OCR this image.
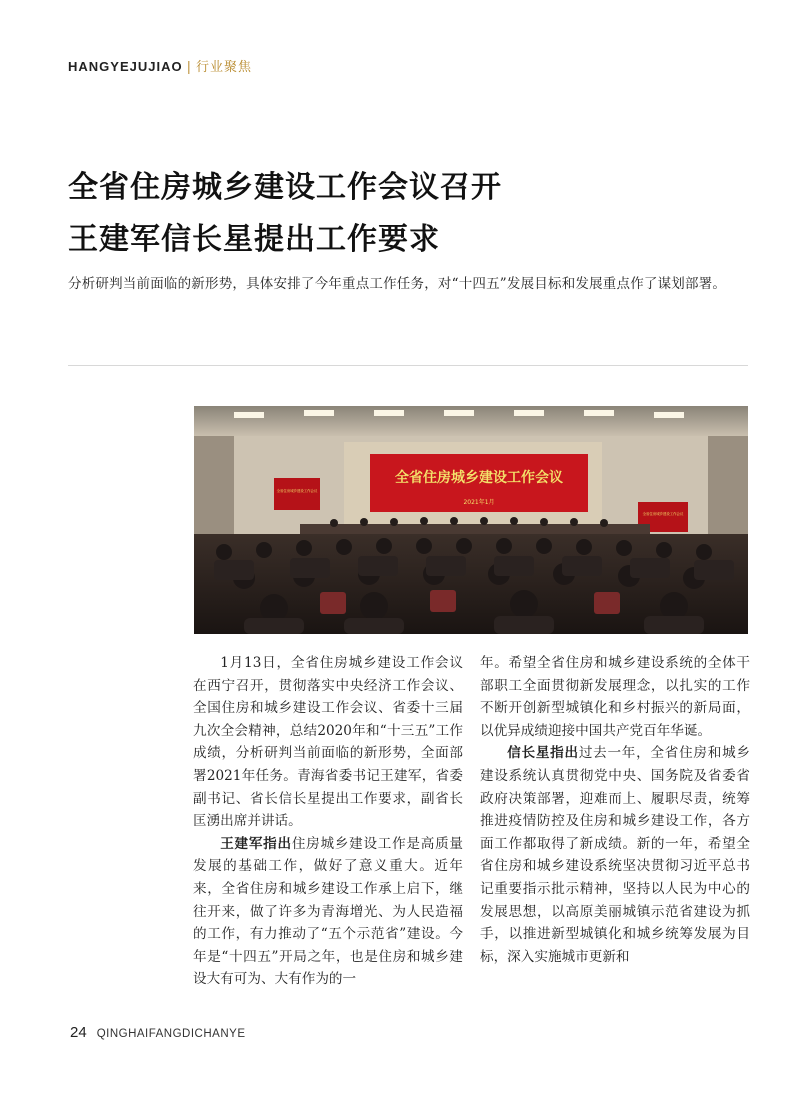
HANGYEJUJIAO | 行业聚焦
全省住房城乡建设工作会议召开
王建军信长星提出工作要求
分析研判当前面临的新形势，具体安排了今年重点工作任务，对“十四五”发展目标和发展重点作了谋划部署。
全省住房城乡建设工作会议
2021年1月
全省住房城乡建设工作会议
全省住房城乡建设工作会议

1月13日，全省住房城乡建设工作会议在西宁召开，贯彻落实中央经济工作会议、全国住房和城乡建设工作会议、省委十三届九次全会精神，总结2020年和“十三五”工作成绩，分析研判当前面临的新形势，全面部署2021年任务。青海省委书记王建军，省委副书记、省长信长星提出工作要求，副省长匡湧出席并讲话。

王建军指出住房城乡建设工作是高质量发展的基础工作，做好了意义重大。近年来，全省住房和城乡建设工作承上启下，继往开来，做了许多为青海增光、为人民造福的工作，有力推动了“五个示范省”建设。今年是“十四五”开局之年，也是住房和城乡建设大有可为、大有作为的一

年。希望全省住房和城乡建设系统的全体干部职工全面贯彻新发展理念，以扎实的工作不断开创新型城镇化和乡村振兴的新局面，以优异成绩迎接中国共产党百年华诞。

信长星指出过去一年，全省住房和城乡建设系统认真贯彻党中央、国务院及省委省政府决策部署，迎难而上、履职尽责，统筹推进疫情防控及住房和城乡建设工作，各方面工作都取得了新成绩。新的一年，希望全省住房和城乡建设系统坚决贯彻习近平总书记重要指示批示精神，坚持以人民为中心的发展思想，以高原美丽城镇示范省建设为抓手，以推进新型城镇化和城乡统筹发展为目标，深入实施城市更新和

24 QINGHAIFANGDICHANYE
